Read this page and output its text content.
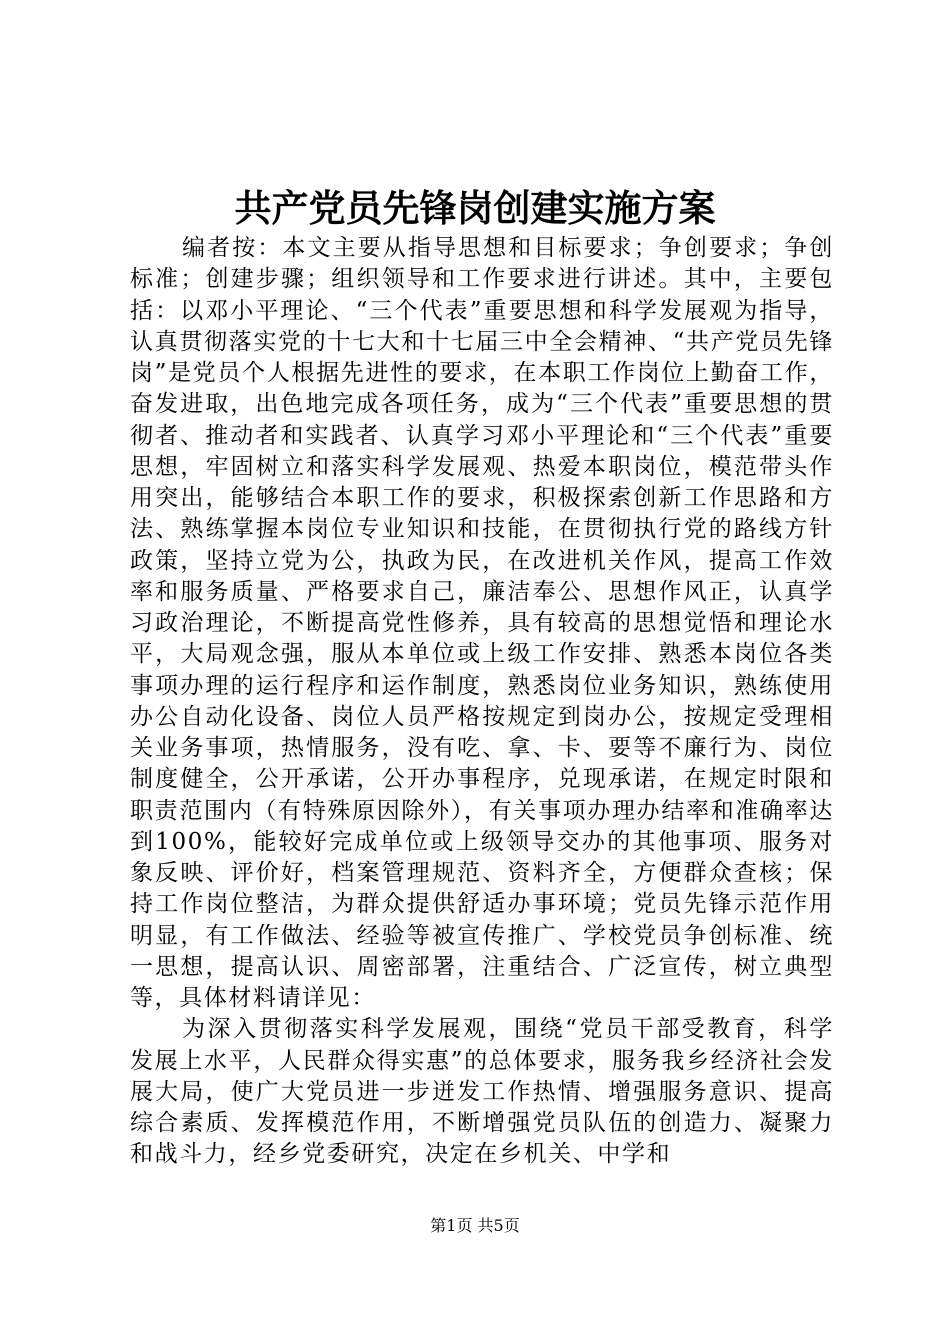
共产党员先锋岗创建实施方案

编者按：本文主要从指导思想和目标要求；争创要求；争创标准；创建步骤；组织领导和工作要求进行讲述。其中，主要包括：以邓小平理论、“三个代表”重要思想和科学发展观为指导，认真贯彻落实党的十七大和十七届三中全会精神、“共产党员先锋岗”是党员个人根据先进性的要求，在本职工作岗位上勤奋工作，奋发进取，出色地完成各项任务，成为“三个代表”重要思想的贯彻者、推动者和实践者、认真学习邓小平理论和“三个代表”重要思想，牢固树立和落实科学发展观、热爱本职岗位，模范带头作用突出，能够结合本职工作的要求，积极探索创新工作思路和方法、熟练掌握本岗位专业知识和技能，在贯彻执行党的路线方针政策，坚持立党为公，执政为民，在改进机关作风，提高工作效率和服务质量、严格要求自己，廉洁奉公、思想作风正，认真学习政治理论，不断提高党性修养，具有较高的思想觉悟和理论水平，大局观念强，服从本单位或上级工作安排、熟悉本岗位各类事项办理的运行程序和运作制度，熟悉岗位业务知识，熟练使用办公自动化设备、岗位人员严格按规定到岗办公，按规定受理相关业务事项，热情服务，没有吃、拿、卡、要等不廉行为、岗位制度健全，公开承诺，公开办事程序，兑现承诺，在规定时限和职责范围内（有特殊原因除外），有关事项办理办结率和准确率达到100%，能较好完成单位或上级领导交办的其他事项、服务对象反映、评价好，档案管理规范、资料齐全，方便群众查核；保持工作岗位整洁，为群众提供舒适办事环境；党员先锋示范作用明显，有工作做法、经验等被宣传推广、学校党员争创标准、统一思想，提高认识、周密部署，注重结合、广泛宣传，树立典型等，具体材料请详见：

为深入贯彻落实科学发展观，围绕“党员干部受教育，科学发展上水平，人民群众得实惠”的总体要求，服务我乡经济社会发展大局，使广大党员进一步迸发工作热情、增强服务意识、提高综合素质、发挥模范作用，不断增强党员队伍的创造力、凝聚力和战斗力，经乡党委研究，决定在乡机关、中学和

第1页 共5页
